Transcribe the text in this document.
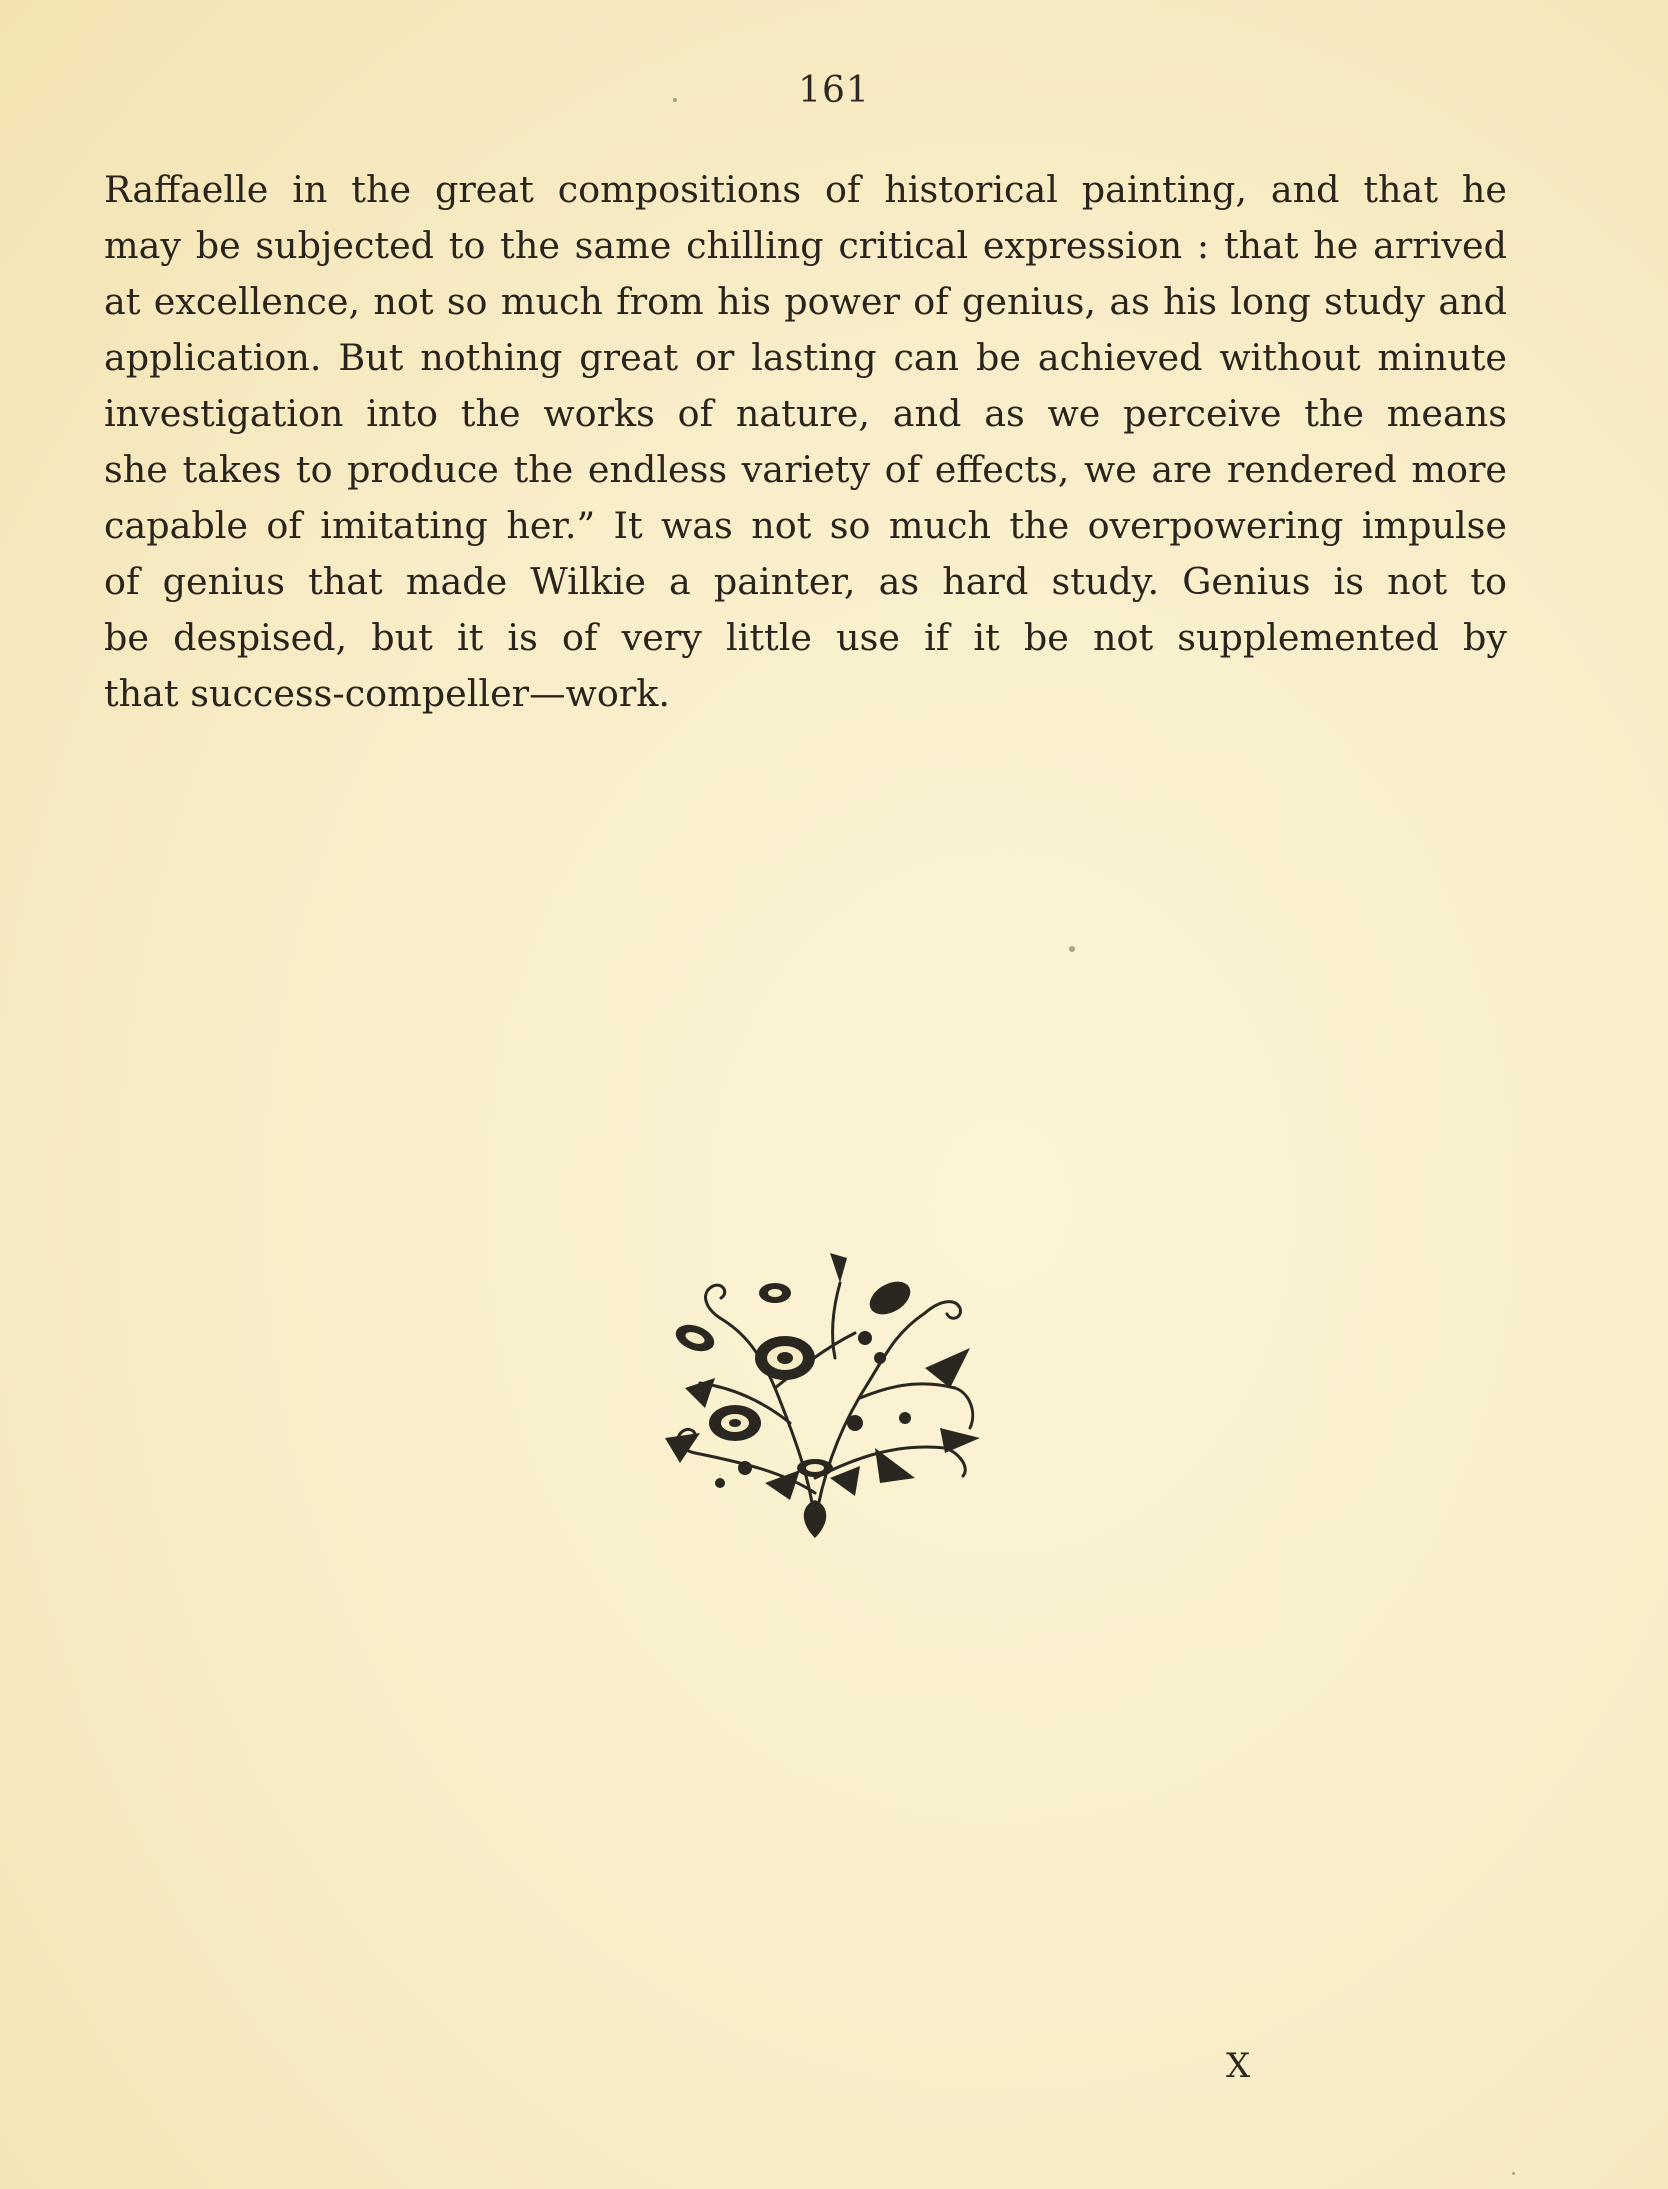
161
Raffaelle in the great compositions of historical painting, and that he
may be subjected to the same chilling critical expression : that he arrived
at excellence, not so much from his power of genius, as his long study and
application. But nothing great or lasting can be achieved without minute
investigation into the works of nature, and as we perceive the means
she takes to produce the endless variety of effects, we are rendered more
capable of imitating her.” It was not so much the overpowering impulse
of genius that made Wilkie a painter, as hard study. Genius is not to
be despised, but it is of very little use if it be not supplemented by
that success-compeller—work.
X
